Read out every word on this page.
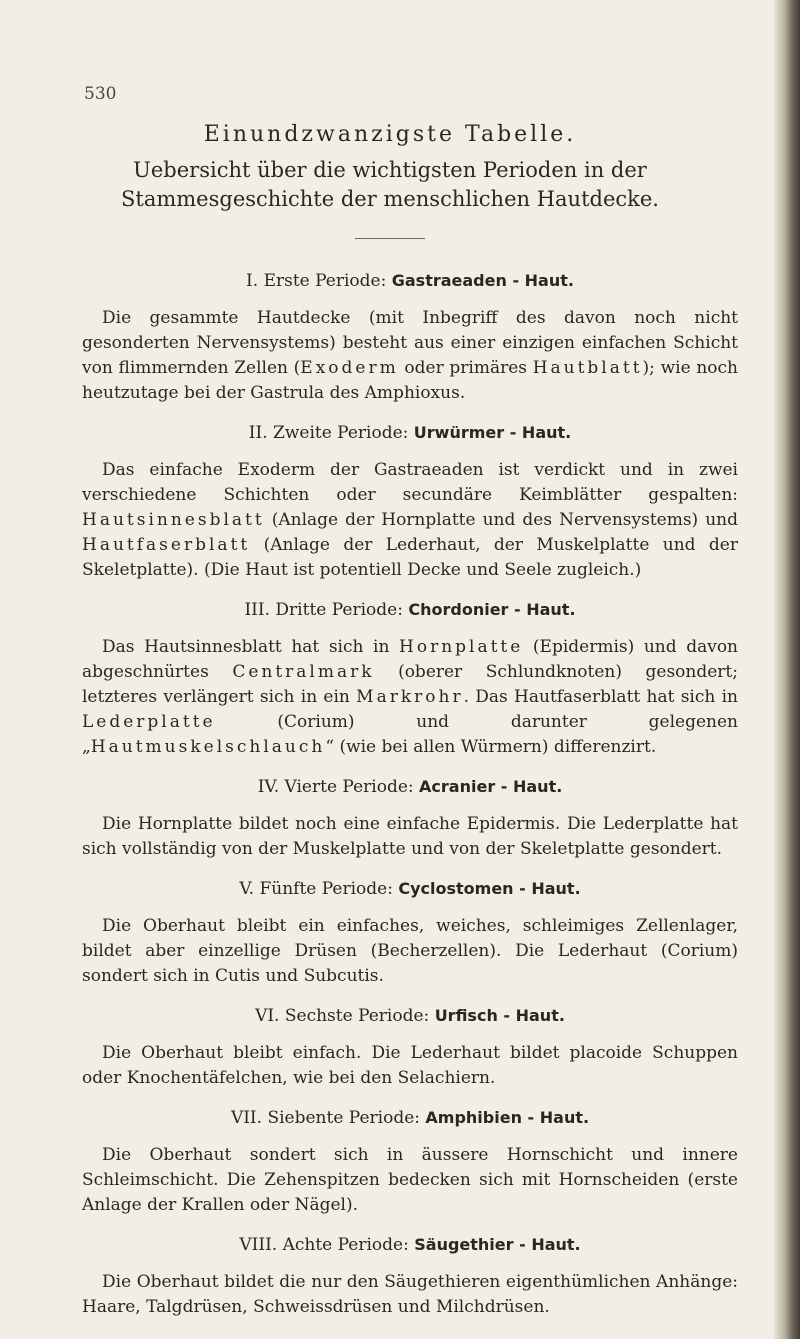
530
Einundzwanzigste Tabelle.
Uebersicht über die wichtigsten Perioden in der Stammesgeschichte der menschlichen Hautdecke.
I. Erste Periode: Gastraeaden - Haut.

Die gesammte Hautdecke (mit Inbegriff des davon noch nicht gesonderten Nervensystems) besteht aus einer einzigen einfachen Schicht von flimmernden Zellen (Exoderm oder primäres Hautblatt); wie noch heutzutage bei der Gastrula des Amphioxus.

II. Zweite Periode: Urwürmer - Haut.

Das einfache Exoderm der Gastraeaden ist verdickt und in zwei verschiedene Schichten oder secundäre Keimblätter gespalten: Hautsinnesblatt (Anlage der Hornplatte und des Nervensystems) und Hautfaserblatt (Anlage der Lederhaut, der Muskelplatte und der Skeletplatte). (Die Haut ist potentiell Decke und Seele zugleich.)

III. Dritte Periode: Chordonier - Haut.

Das Hautsinnesblatt hat sich in Hornplatte (Epidermis) und davon abgeschnürtes Centralmark (oberer Schlundknoten) gesondert; letzteres verlängert sich in ein Markrohr. Das Hautfaserblatt hat sich in Lederplatte (Corium) und darunter gelegenen „Hautmuskelschlauch“ (wie bei allen Würmern) differenzirt.

IV. Vierte Periode: Acranier - Haut.

Die Hornplatte bildet noch eine einfache Epidermis. Die Lederplatte hat sich vollständig von der Muskelplatte und von der Skeletplatte gesondert.

V. Fünfte Periode: Cyclostomen - Haut.

Die Oberhaut bleibt ein einfaches, weiches, schleimiges Zellenlager, bildet aber einzellige Drüsen (Becherzellen). Die Lederhaut (Corium) sondert sich in Cutis und Subcutis.

VI. Sechste Periode: Urfisch - Haut.

Die Oberhaut bleibt einfach. Die Lederhaut bildet placoide Schuppen oder Knochentäfelchen, wie bei den Selachiern.

VII. Siebente Periode: Amphibien - Haut.

Die Oberhaut sondert sich in äussere Hornschicht und innere Schleimschicht. Die Zehenspitzen bedecken sich mit Hornscheiden (erste Anlage der Krallen oder Nägel).

VIII. Achte Periode: Säugethier - Haut.

Die Oberhaut bildet die nur den Säugethieren eigenthümlichen Anhänge: Haare, Talgdrüsen, Schweissdrüsen und Milchdrüsen.
